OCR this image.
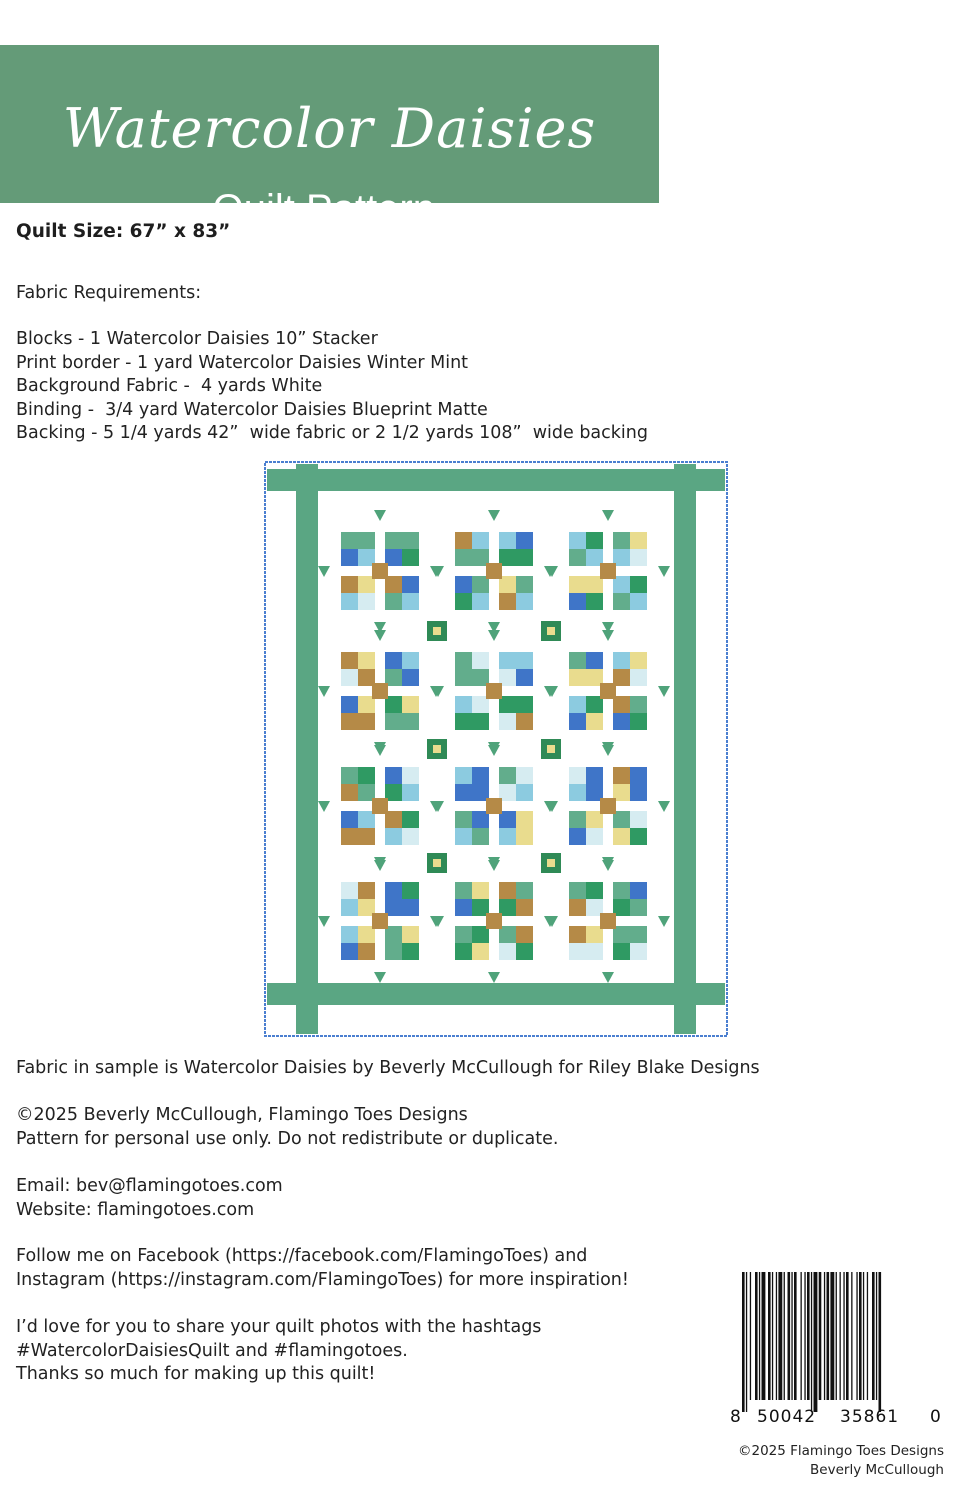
Watercolor Daisies
Quilt Pattern
Quilt Size: 67” x 83”
Fabric Requirements:
Blocks - 1 Watercolor Daisies 10” Stacker
Print border - 1 yard Watercolor Daisies Winter Mint
Background Fabric -  4 yards White
Binding -  3/4 yard Watercolor Daisies Blueprint Matte
Backing - 5 1/4 yards 42”  wide fabric or 2 1/2 yards 108”  wide backing
Fabric in sample is Watercolor Daisies by Beverly McCullough for Riley Blake Designs
©2025 Beverly McCullough, Flamingo Toes Designs
Pattern for personal use only. Do not redistribute or duplicate.
Email: bev@flamingotoes.com
Website: flamingotoes.com
Follow me on Facebook (https://facebook.com/FlamingoToes) and
Instagram (https://instagram.com/FlamingoToes) for more inspiration!
I’d love for you to share your quilt photos with the hashtags
#WatercolorDaisiesQuilt and #flamingotoes.
Thanks so much for making up this quilt!
8 50042 35861 0
©2025 Flamingo Toes Designs
Beverly McCullough
